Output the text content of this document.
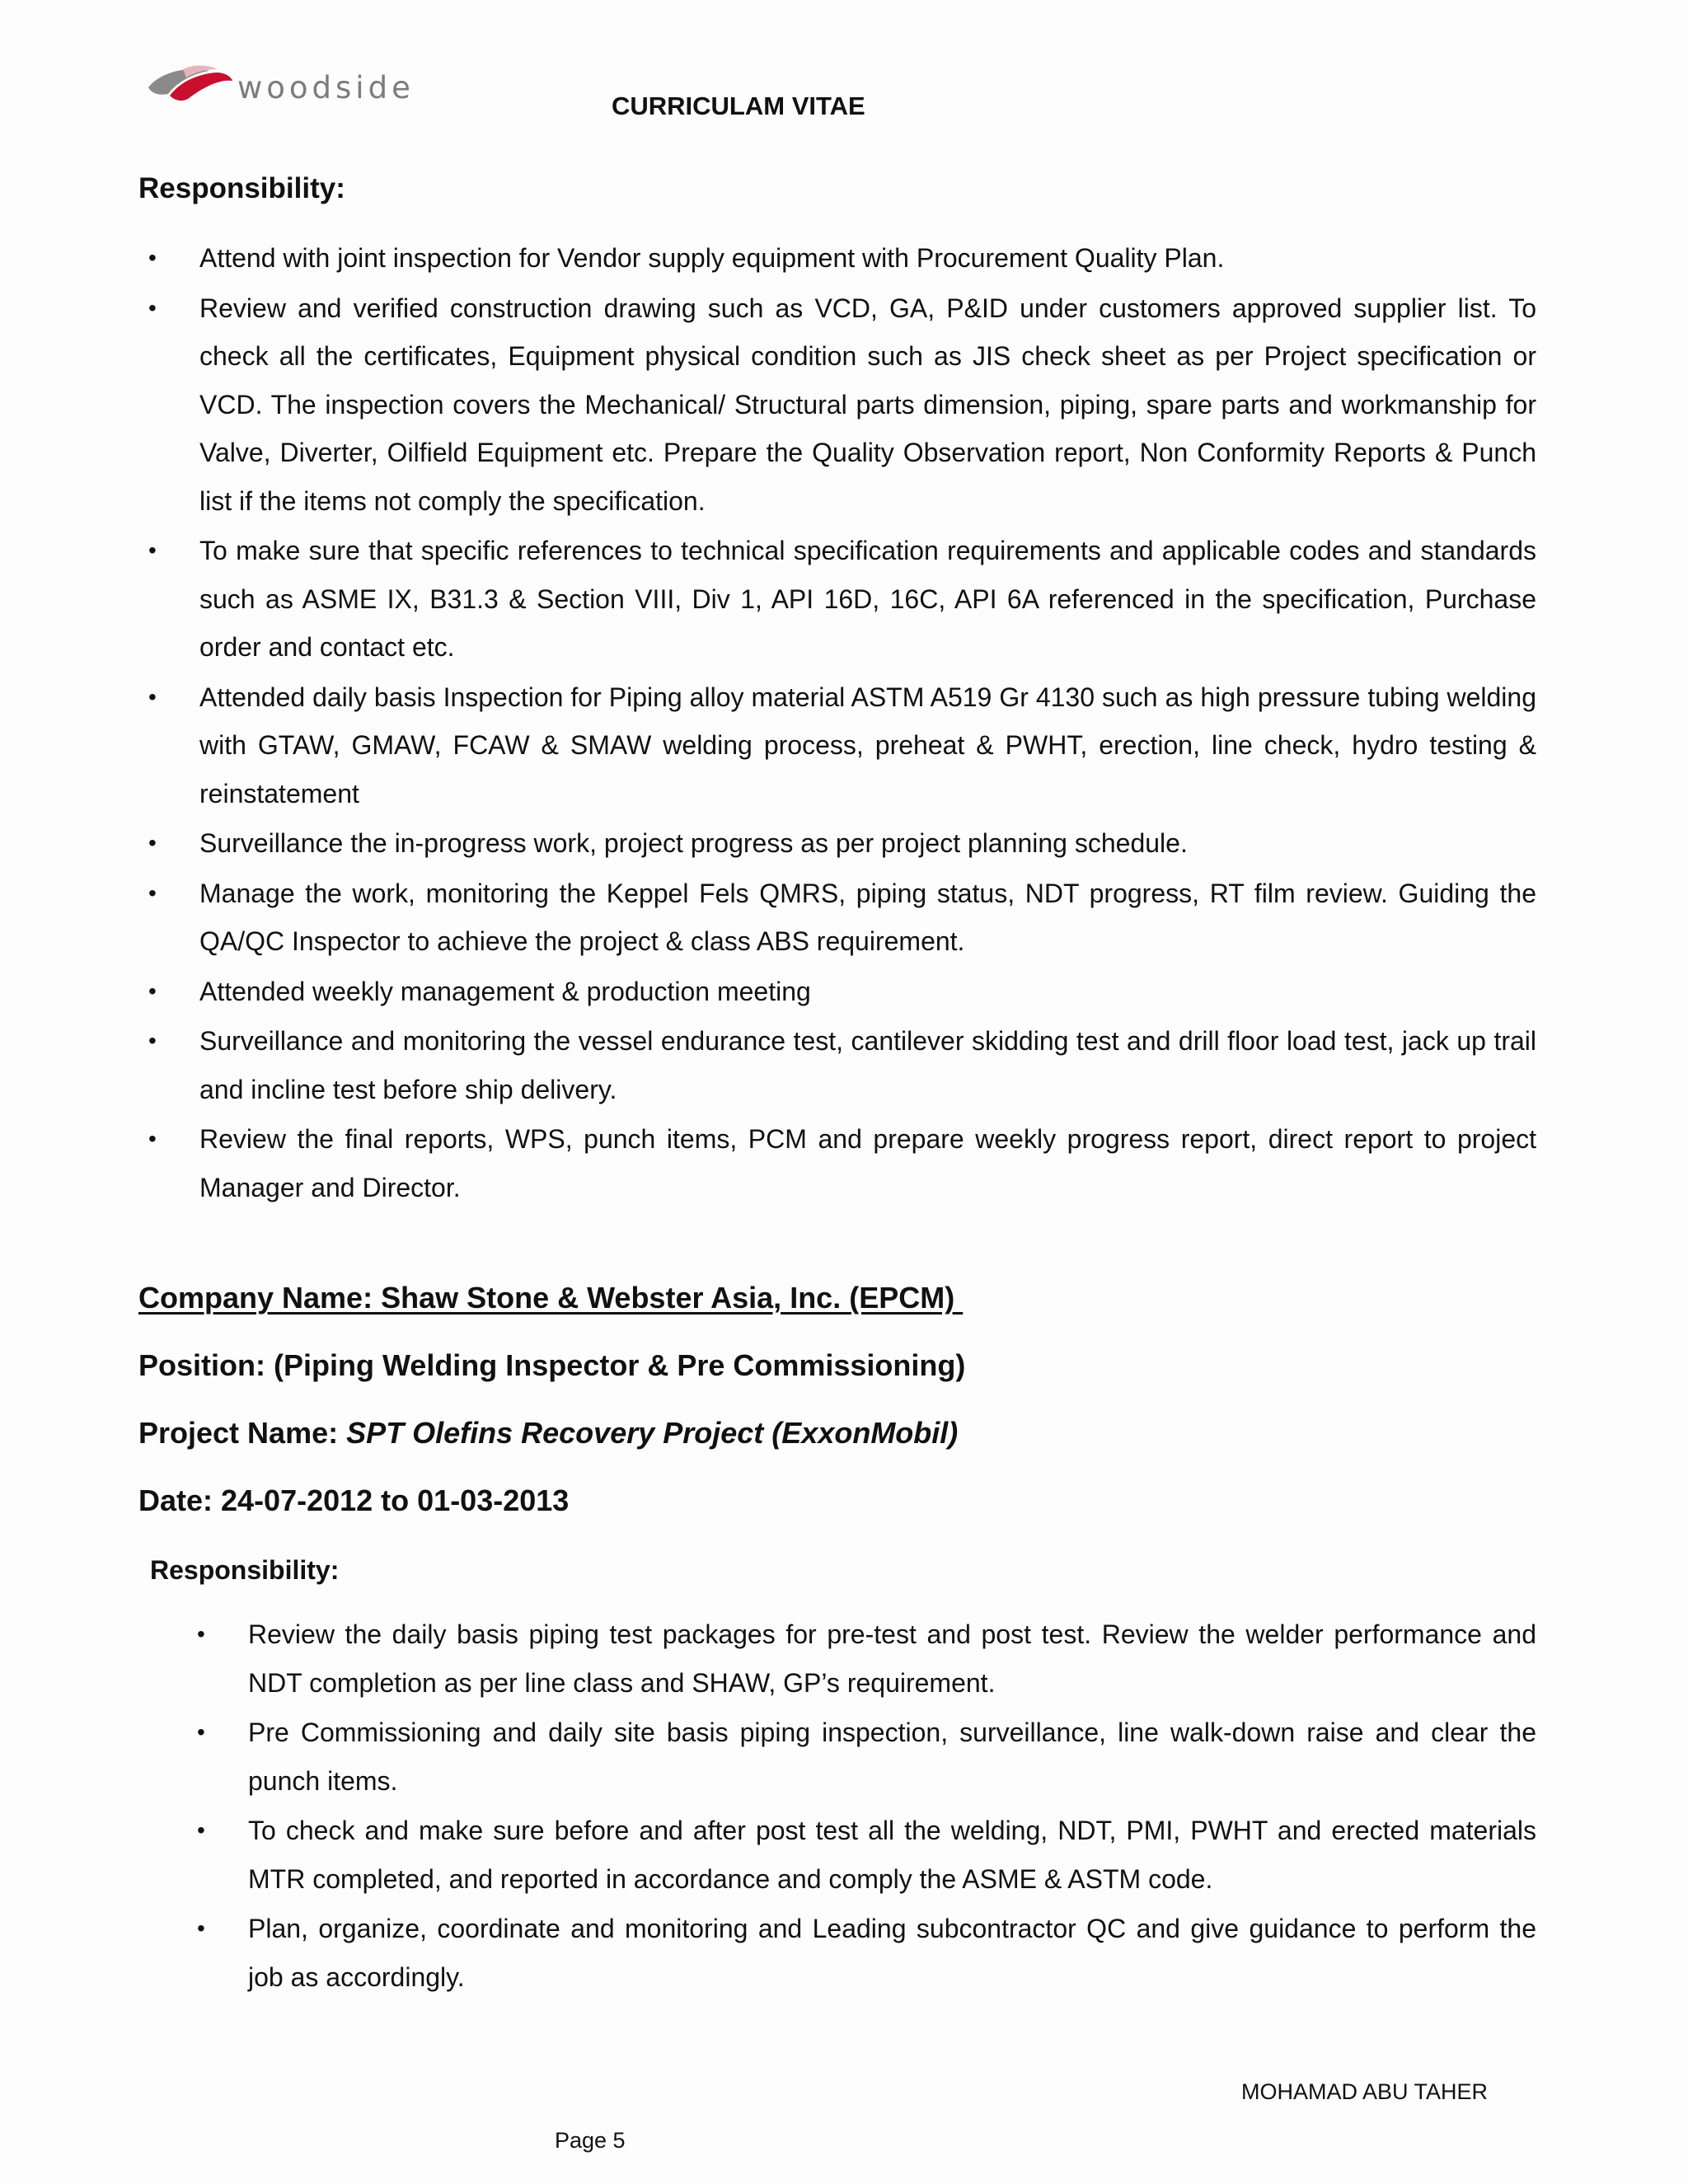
woodside
CURRICULAM VITAE
Responsibility:
• Attend with joint inspection for Vendor supply equipment with Procurement Quality Plan.
• Review and verified construction drawing such as VCD, GA, P&ID under customers approved supplier list. To check all the certificates, Equipment physical condition such as JIS check sheet as per Project specification or VCD. The inspection covers the Mechanical/ Structural parts dimension, piping, spare parts and workmanship for Valve, Diverter, Oilfield Equipment etc. Prepare the Quality Observation report, Non Conformity Reports & Punch list if the items not comply the specification.
• To make sure that specific references to technical specification requirements and applicable codes and standards such as ASME IX, B31.3 & Section VIII, Div 1, API 16D, 16C, API 6A referenced in the specification, Purchase order and contact etc.
• Attended daily basis Inspection for Piping alloy material ASTM A519 Gr 4130 such as high pressure tubing welding with GTAW, GMAW, FCAW & SMAW welding process, preheat & PWHT, erection, line check, hydro testing & reinstatement
• Surveillance the in-progress work, project progress as per project planning schedule.
• Manage the work, monitoring the Keppel Fels QMRS, piping status, NDT progress, RT film review. Guiding the QA/QC Inspector to achieve the project & class ABS requirement.
• Attended weekly management & production meeting
• Surveillance and monitoring the vessel endurance test, cantilever skidding test and drill floor load test, jack up trail and incline test before ship delivery.
• Review the final reports, WPS, punch items, PCM and prepare weekly progress report, direct report to project Manager and Director.
Company Name: Shaw Stone & Webster Asia, Inc. (EPCM)
Position: (Piping Welding Inspector & Pre Commissioning)
Project Name: SPT Olefins Recovery Project (ExxonMobil)
Date: 24-07-2012 to 01-03-2013
Responsibility:
• Review the daily basis piping test packages for pre-test and post test. Review the welder performance and NDT completion as per line class and SHAW, GP’s requirement.
• Pre Commissioning and daily site basis piping inspection, surveillance, line walk-down raise and clear the punch items.
• To check and make sure before and after post test all the welding, NDT, PMI, PWHT and erected materials MTR completed, and reported in accordance and comply the ASME & ASTM code.
• Plan, organize, coordinate and monitoring and Leading subcontractor QC and give guidance to perform the job as accordingly.
MOHAMAD ABU TAHER
Page 5
